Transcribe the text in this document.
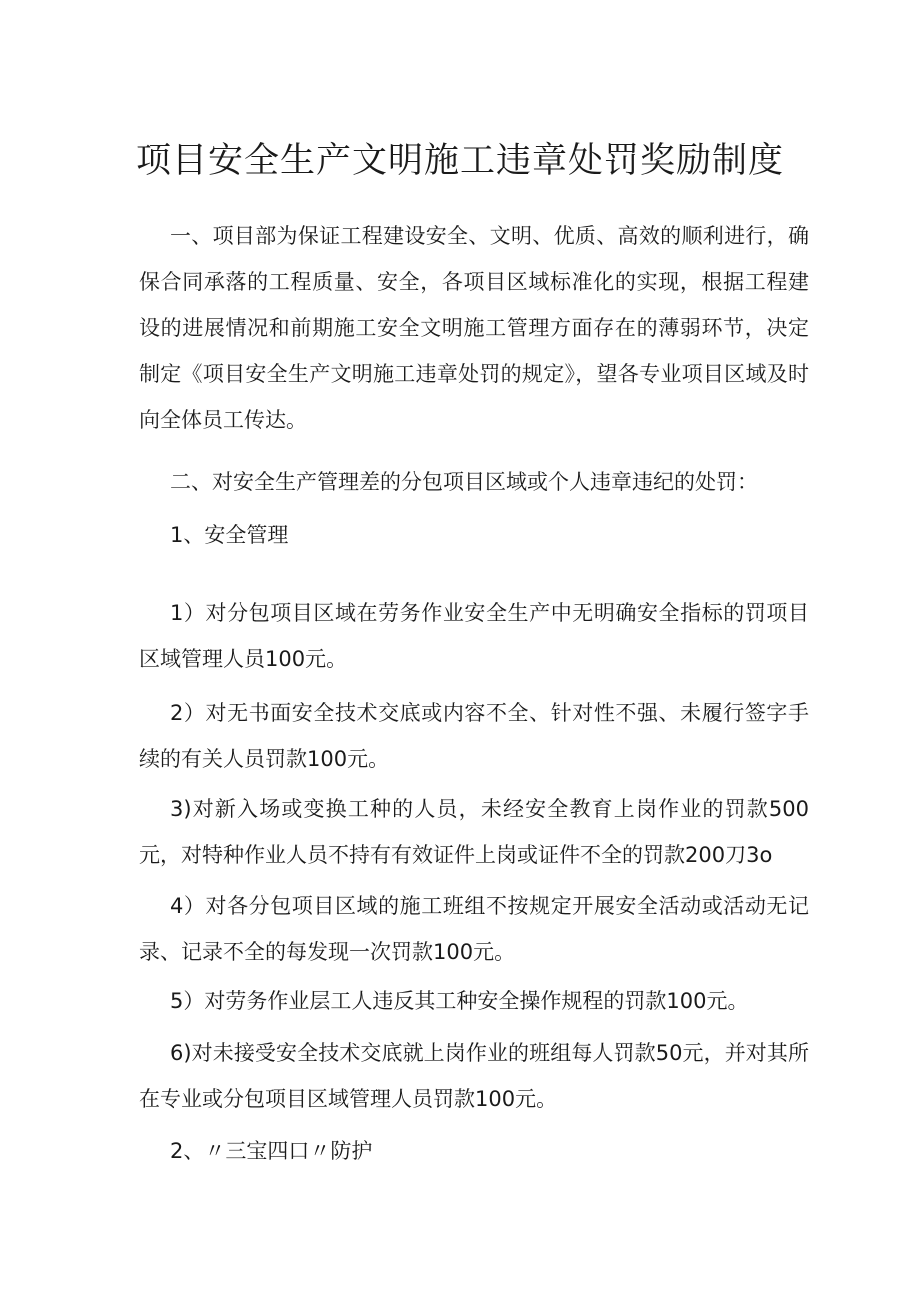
项目安全生产文明施工违章处罚奖励制度

一、项目部为保证工程建设安全、文明、优质、高效的顺利进行，确保合同承落的工程质量、安全，各项目区域标准化的实现，根据工程建设的进展情况和前期施工安全文明施工管理方面存在的薄弱环节，决定制定《项目安全生产文明施工违章处罚的规定》，望各专业项目区域及时向全体员工传达。

二、对安全生产管理差的分包项目区域或个人违章违纪的处罚：

1、安全管理

1）对分包项目区域在劳务作业安全生产中无明确安全指标的罚项目区域管理人员100元。

2）对无书面安全技术交底或内容不全、针对性不强、未履行签字手续的有关人员罚款100元。

3)对新入场或变换工种的人员，未经安全教育上岗作业的罚款500元，对特种作业人员不持有有效证件上岗或证件不全的罚款200刀3o

4）对各分包项目区域的施工班组不按规定开展安全活动或活动无记录、记录不全的每发现一次罚款100元。

5）对劳务作业层工人违反其工种安全操作规程的罚款100元。

6)对未接受安全技术交底就上岗作业的班组每人罚款50元，并对其所在专业或分包项目区域管理人员罚款100元。

2、〃三宝四口〃防护
